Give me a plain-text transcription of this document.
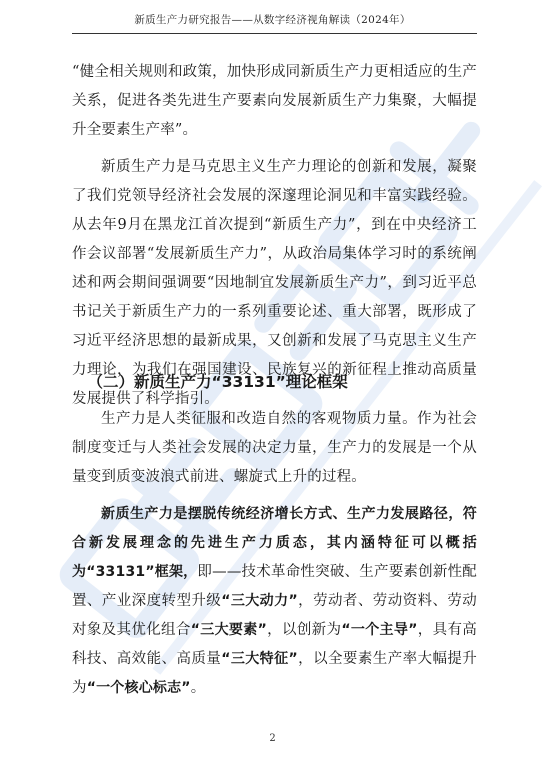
新质生产力研究报告——从数字经济视角解读（2024年）

“健全相关规则和政策，加快形成同新质生产力更相适应的生产关系，促进各类先进生产要素向发展新质生产力集聚，大幅提升全要素生产率”。

新质生产力是马克思主义生产力理论的创新和发展，凝聚了我们党领导经济社会发展的深邃理论洞见和丰富实践经验。从去年9月在黑龙江首次提到“新质生产力”，到在中央经济工作会议部署“发展新质生产力”，从政治局集体学习时的系统阐述和两会期间强调要“因地制宜发展新质生产力”，到习近平总书记关于新质生产力的一系列重要论述、重大部署，既形成了习近平经济思想的最新成果，又创新和发展了马克思主义生产力理论，为我们在强国建设、民族复兴的新征程上推动高质量发展提供了科学指引。

（二）新质生产力“33131”理论框架

生产力是人类征服和改造自然的客观物质力量。作为社会制度变迁与人类社会发展的决定力量，生产力的发展是一个从量变到质变波浪式前进、螺旋式上升的过程。

新质生产力是摆脱传统经济增长方式、生产力发展路径，符合新发展理念的先进生产力质态，其内涵特征可以概括为“33131”框架，即——技术革命性突破、生产要素创新性配置、产业深度转型升级“三大动力”，劳动者、劳动资料、劳动对象及其优化组合“三大要素”，以创新为“一个主导”，具有高科技、高效能、高质量“三大特征”，以全要素生产率大幅提升为“一个核心标志”。

2
